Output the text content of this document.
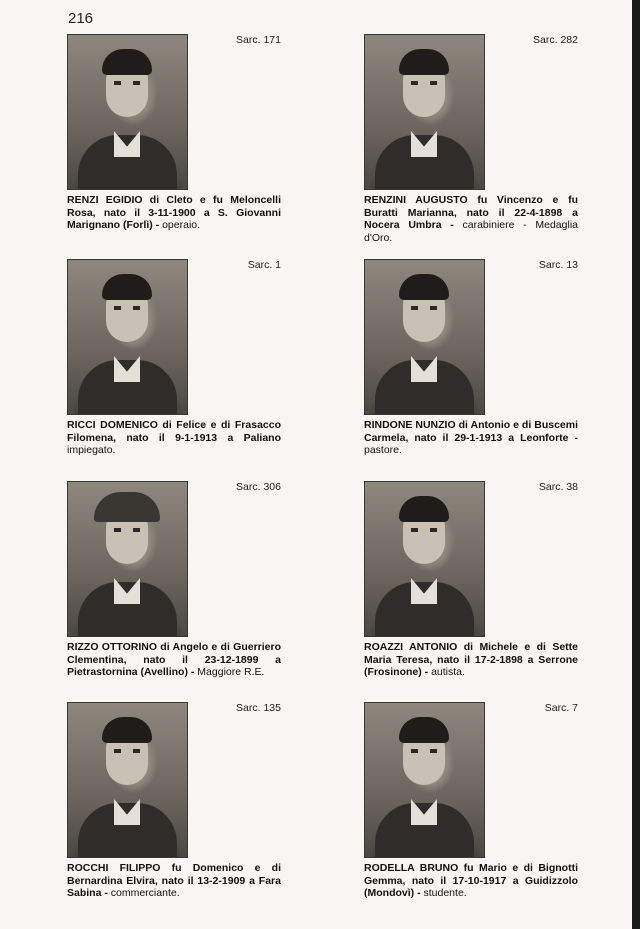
216
Sarc. 171
RENZI EGIDIO di Cleto e fu Meloncelli Rosa, nato il 3-11-1900 a S. Giovanni Marignano (Forlì) - operaio.
Sarc. 282
RENZINI AUGUSTO fu Vincenzo e fu Buratti Marianna, nato il 22-4-1898 a Nocera Umbra - carabiniere - Medaglia d'Oro.
Sarc. 1
RICCI DOMENICO di Felice e di Frasacco Filomena, nato il 9-1-1913 a Paliano impiegato.
Sarc. 13
RINDONE NUNZIO di Antonio e di Buscemi Carmela, nato il 29-1-1913 a Leonforte - pastore.
Sarc. 306
RIZZO OTTORINO di Angelo e di Guerriero Clementina, nato il 23-12-1899 a Pietrastornina (Avellino) - Maggiore R.E.
Sarc. 38
ROAZZI ANTONIO di Michele e di Sette Maria Teresa, nato il 17-2-1898 a Serrone (Frosinone) - autista.
Sarc. 135
ROCCHI FILIPPO fu Domenico e di Bernardina Elvira, nato il 13-2-1909 a Fara Sabina - commerciante.
Sarc. 7
RODELLA BRUNO fu Mario e di Bignotti Gemma, nato il 17-10-1917 a Guidizzolo (Mondovì) - studente.
